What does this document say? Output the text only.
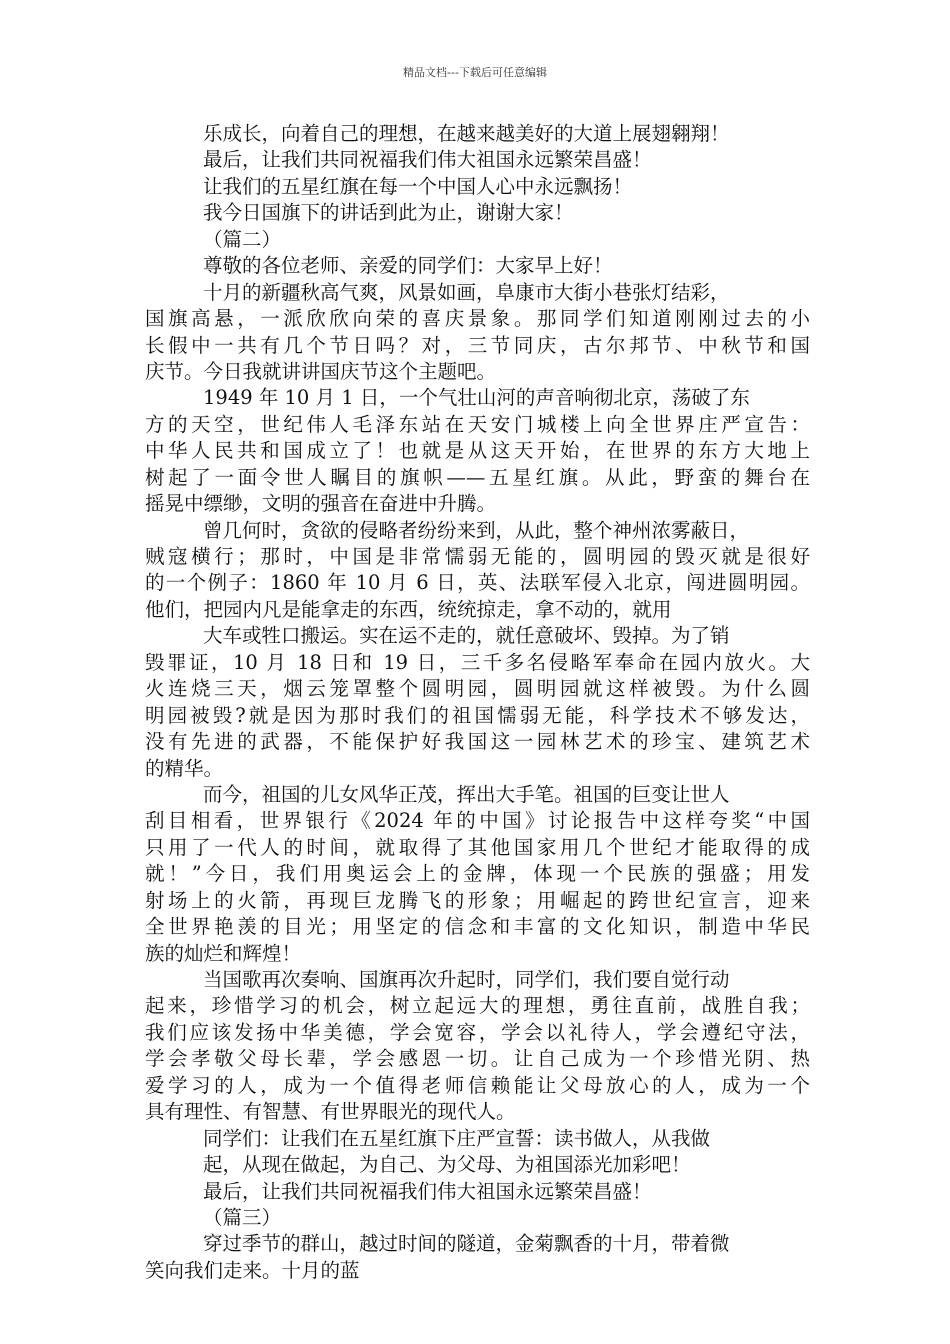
精品文档---下载后可任意编辑
乐成长，向着自己的理想，在越来越美好的大道上展翅翱翔！
最后，让我们共同祝福我们伟大祖国永远繁荣昌盛！
让我们的五星红旗在每一个中国人心中永远飘扬！
我今日国旗下的讲话到此为止，谢谢大家！
（篇二）
尊敬的各位老师、亲爱的同学们：大家早上好！
十月的新疆秋高气爽，风景如画，阜康市大街小巷张灯结彩，
国旗高悬，一派欣欣向荣的喜庆景象。那同学们知道刚刚过去的小
长假中一共有几个节日吗？对，三节同庆，古尔邦节、中秋节和国
庆节。今日我就讲讲国庆节这个主题吧。
1949 年 10 月 1 日，一个气壮山河的声音响彻北京，荡破了东
方的天空，世纪伟人毛泽东站在天安门城楼上向全世界庄严宣告：
中华人民共和国成立了！也就是从这天开始，在世界的东方大地上
树起了一面令世人瞩目的旗帜——五星红旗。从此，野蛮的舞台在
摇晃中缥缈，文明的强音在奋进中升腾。
曾几何时，贪欲的侵略者纷纷来到，从此，整个神州浓雾蔽日，
贼寇横行；那时，中国是非常懦弱无能的，圆明园的毁灭就是很好
的一个例子：1860 年 10 月 6 日，英、法联军侵入北京，闯进圆明园。
他们，把园内凡是能拿走的东西，统统掠走，拿不动的，就用
大车或牲口搬运。实在运不走的，就任意破坏、毁掉。为了销
毁罪证，10 月 18 日和 19 日，三千多名侵略军奉命在园内放火。大
火连烧三天，烟云笼罩整个圆明园，圆明园就这样被毁。为什么圆
明园被毁?就是因为那时我们的祖国懦弱无能，科学技术不够发达，
没有先进的武器，不能保护好我国这一园林艺术的珍宝、建筑艺术
的精华。
而今，祖国的儿女风华正茂，挥出大手笔。祖国的巨变让世人
刮目相看，世界银行《2024 年的中国》讨论报告中这样夸奖“中国
只用了一代人的时间，就取得了其他国家用几个世纪才能取得的成
就！”今日，我们用奥运会上的金牌，体现一个民族的强盛；用发
射场上的火箭，再现巨龙腾飞的形象；用崛起的跨世纪宣言，迎来
全世界艳羡的目光；用坚定的信念和丰富的文化知识，制造中华民
族的灿烂和辉煌！
当国歌再次奏响、国旗再次升起时，同学们，我们要自觉行动
起来，珍惜学习的机会，树立起远大的理想，勇往直前，战胜自我；
我们应该发扬中华美德，学会宽容，学会以礼待人，学会遵纪守法，
学会孝敬父母长辈，学会感恩一切。让自己成为一个珍惜光阴、热
爱学习的人，成为一个值得老师信赖能让父母放心的人，成为一个
具有理性、有智慧、有世界眼光的现代人。
同学们：让我们在五星红旗下庄严宣誓：读书做人，从我做
起，从现在做起，为自己、为父母、为祖国添光加彩吧！
最后，让我们共同祝福我们伟大祖国永远繁荣昌盛！
（篇三）
穿过季节的群山，越过时间的隧道，金菊飘香的十月，带着微
笑向我们走来。十月的蓝
